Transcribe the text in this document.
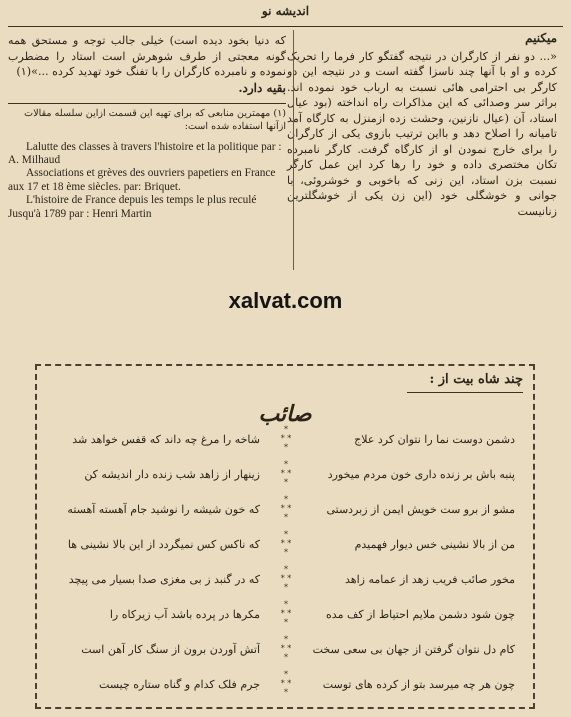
اندیشه نو
میکنیم

«... دو نفر از کارگران در نتیجه گفتگو کار فرما را تحریک کرده و او با آنها چند ناسزا گفته است و در نتیجه این دو کارگر بی احترامی هائی نسبت به ارباب خود نموده اند. براثر سر وصدائی که این مذاکرات راه انداخته (بود عیال استاد، آن (عیال نازنین، وحشت زده ازمنزل به کارگاه آمد تامیانه را اصلاح دهد و بااین ترتیب بازوی یکی از کارگران را برای خارج نمودن او از کارگاه گرفت. کارگر نامبرده تکان مختصری داده و خود را رها کرد این عمل کارگر نسبت بزن استاد، این زنی که باخوبی و خوشروئی، با جوانی و خوشگلی خود (این زن یکی از خوشگلترین زنانیست

که دنیا بخود دیده است) خیلی جالب توجه و مستحق همه گونه معجتی از طرف شوهرش است استاد را مضطرب نموده و نامبرده کارگران را با تفنگ خود تهدید کرده ...»(۱)
بقیه دارد.
(۱) مهمترین منابعی که برای تهیه این قسمت ازاین سلسله مقالات ازآنها استفاده شده است:
Lalutte des classes à travers l'histoire et la politique par : A. Milhaud
Associations et grèves des ouvriers papetiers en France aux 17 et 18 ème siècles. par: Briquet.
L'histoire de France depuis les temps le plus reculé Jusqu'à 1789 par : Henri Martin
xalvat.com
چند شاه بیت از :
صائب
دشمن دوست نما را نتوان کرد علاج
*
* *
*
شاخه را مرغ چه داند که قفس خواهد شد
پنبه باش بر زنده داری خون مردم میخورد
*
* *
*
زینهار از زاهد شب زنده دار اندیشه کن
مشو از برو ست خویش ایمن از زبردستی
*
* *
*
که خون شیشه را نوشید جام آهسته آهسته
من از بالا نشینی خس دیوار فهمیدم
*
* *
*
که ناکس کس نمیگردد از این بالا نشینی ها
مخور صائب فریب زهد از عمامه زاهد
*
* *
*
که در گنبد ز بی مغزی صدا بسیار می پیچد
چون شود دشمن ملایم احتیاط از کف مده
*
* *
*
مکرها در پرده باشد آب زیرکاه را
کام دل نتوان گرفتن از جهان بی سعی سخت
*
* *
*
آتش آوردن برون از سنگ کار آهن است
چون هر چه میرسد بتو از کرده های توست
*
* *
*
جرم فلک کدام و گناه ستاره چیست
